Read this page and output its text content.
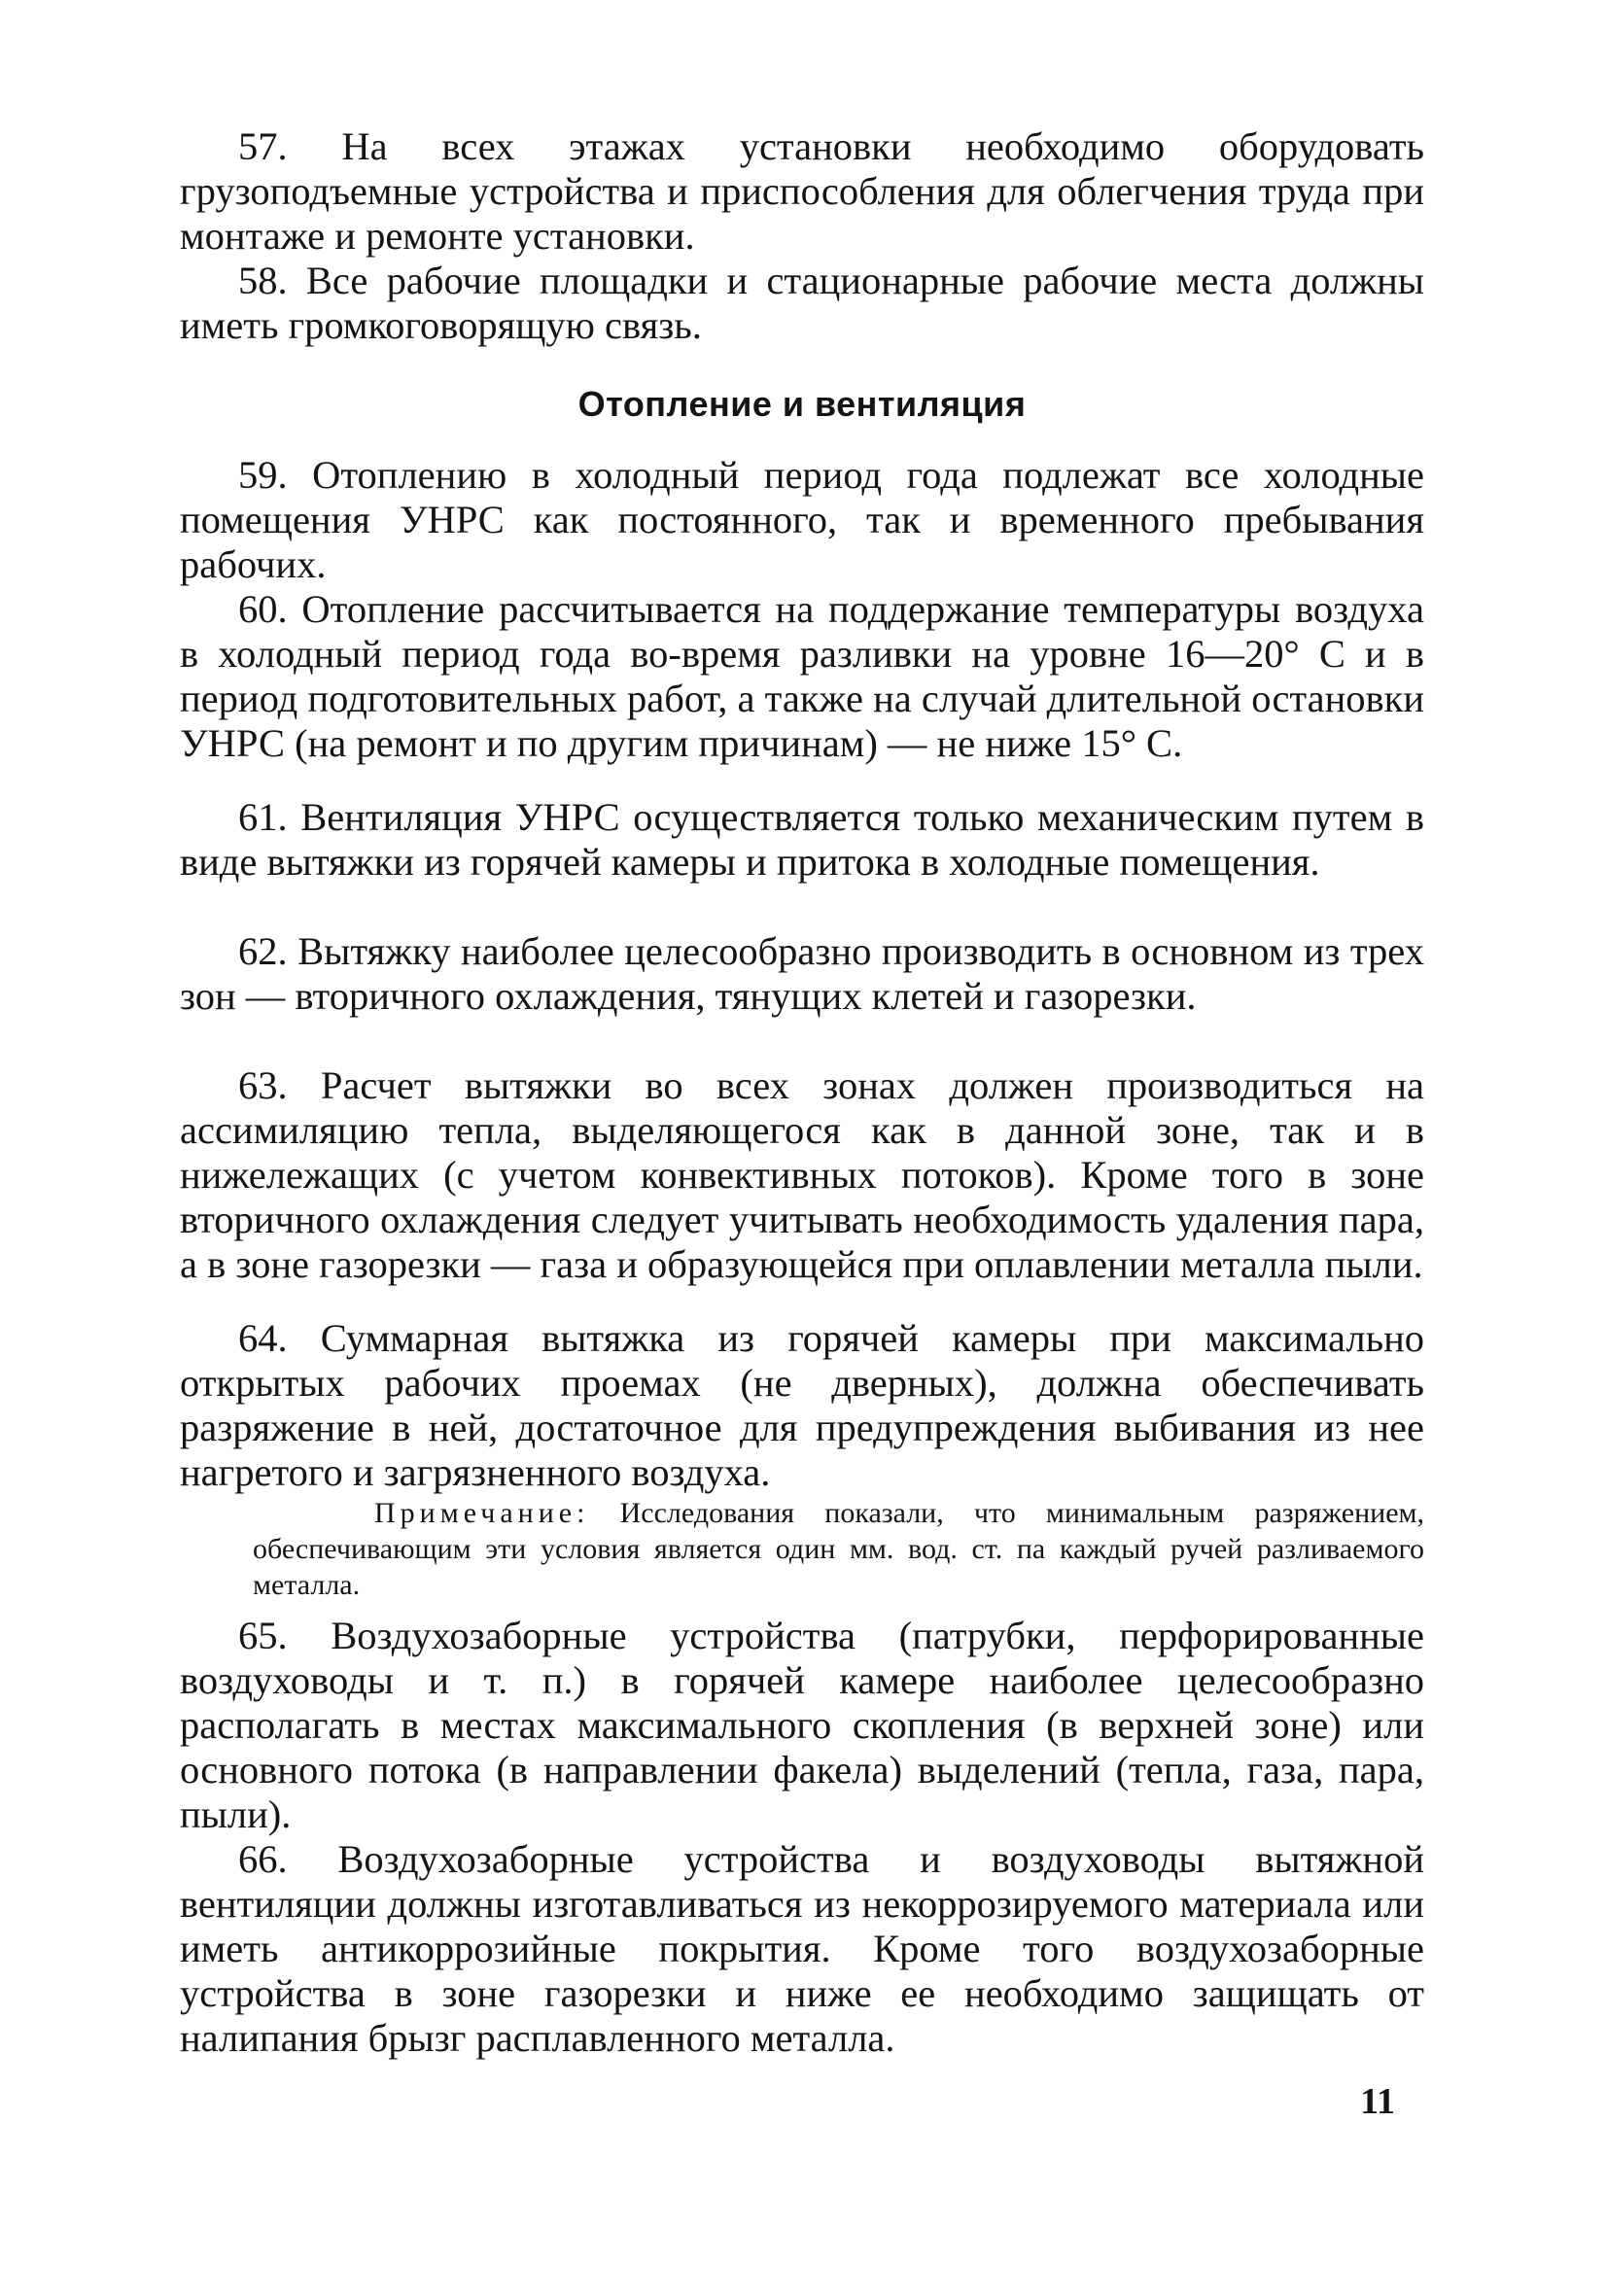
57. На всех этажах установки необходимо оборудовать грузоподъемные устройства и приспособления для облегчения труда при монтаже и ремонте установки.

58. Все рабочие площадки и стационарные рабочие места должны иметь громкоговорящую связь.

Отопление и вентиляция

59. Отоплению в холодный период года подлежат все холодные помещения УНРС как постоянного, так и временного пребывания рабочих.

60. Отопление рассчитывается на поддержание температуры воздуха в холодный период года во-время разливки на уровне 16—20° С и в период подготовительных работ, а также на случай длительной остановки УНРС (на ремонт и по другим причинам) — не ниже 15° С.

61. Вентиляция УНРС осуществляется только механическим путем в виде вытяжки из горячей камеры и притока в холодные помещения.

62. Вытяжку наиболее целесообразно производить в основном из трех зон — вторичного охлаждения, тянущих клетей и газорезки.

63. Расчет вытяжки во всех зонах должен производиться на ассимиляцию тепла, выделяющегося как в данной зоне, так и в нижележащих (с учетом конвективных потоков). Кроме того в зоне вторичного охлаждения следует учитывать необходимость удаления пара, а в зоне газорезки — газа и образующейся при оплавлении металла пыли.

64. Суммарная вытяжка из горячей камеры при максимально открытых рабочих проемах (не дверных), должна обеспечивать разряжение в ней, достаточное для предупреждения выбивания из нее нагретого и загрязненного воздуха.

Примечание: Исследования показали, что минимальным разряжением, обеспечивающим эти условия является один мм. вод. ст. па каждый ручей разливаемого металла.

65. Воздухозаборные устройства (патрубки, перфорированные воздуховоды и т. п.) в горячей камере наиболее целесообразно располагать в местах максимального скопления (в верхней зоне) или основного потока (в направлении факела) выделений (тепла, газа, пара, пыли).

66. Воздухозаборные устройства и воздуховоды вытяжной вентиляции должны изготавливаться из некоррозируемого материала или иметь антикоррозийные покрытия. Кроме того воздухозаборные устройства в зоне газорезки и ниже ее необходимо защищать от налипания брызг расплавленного металла.

11
